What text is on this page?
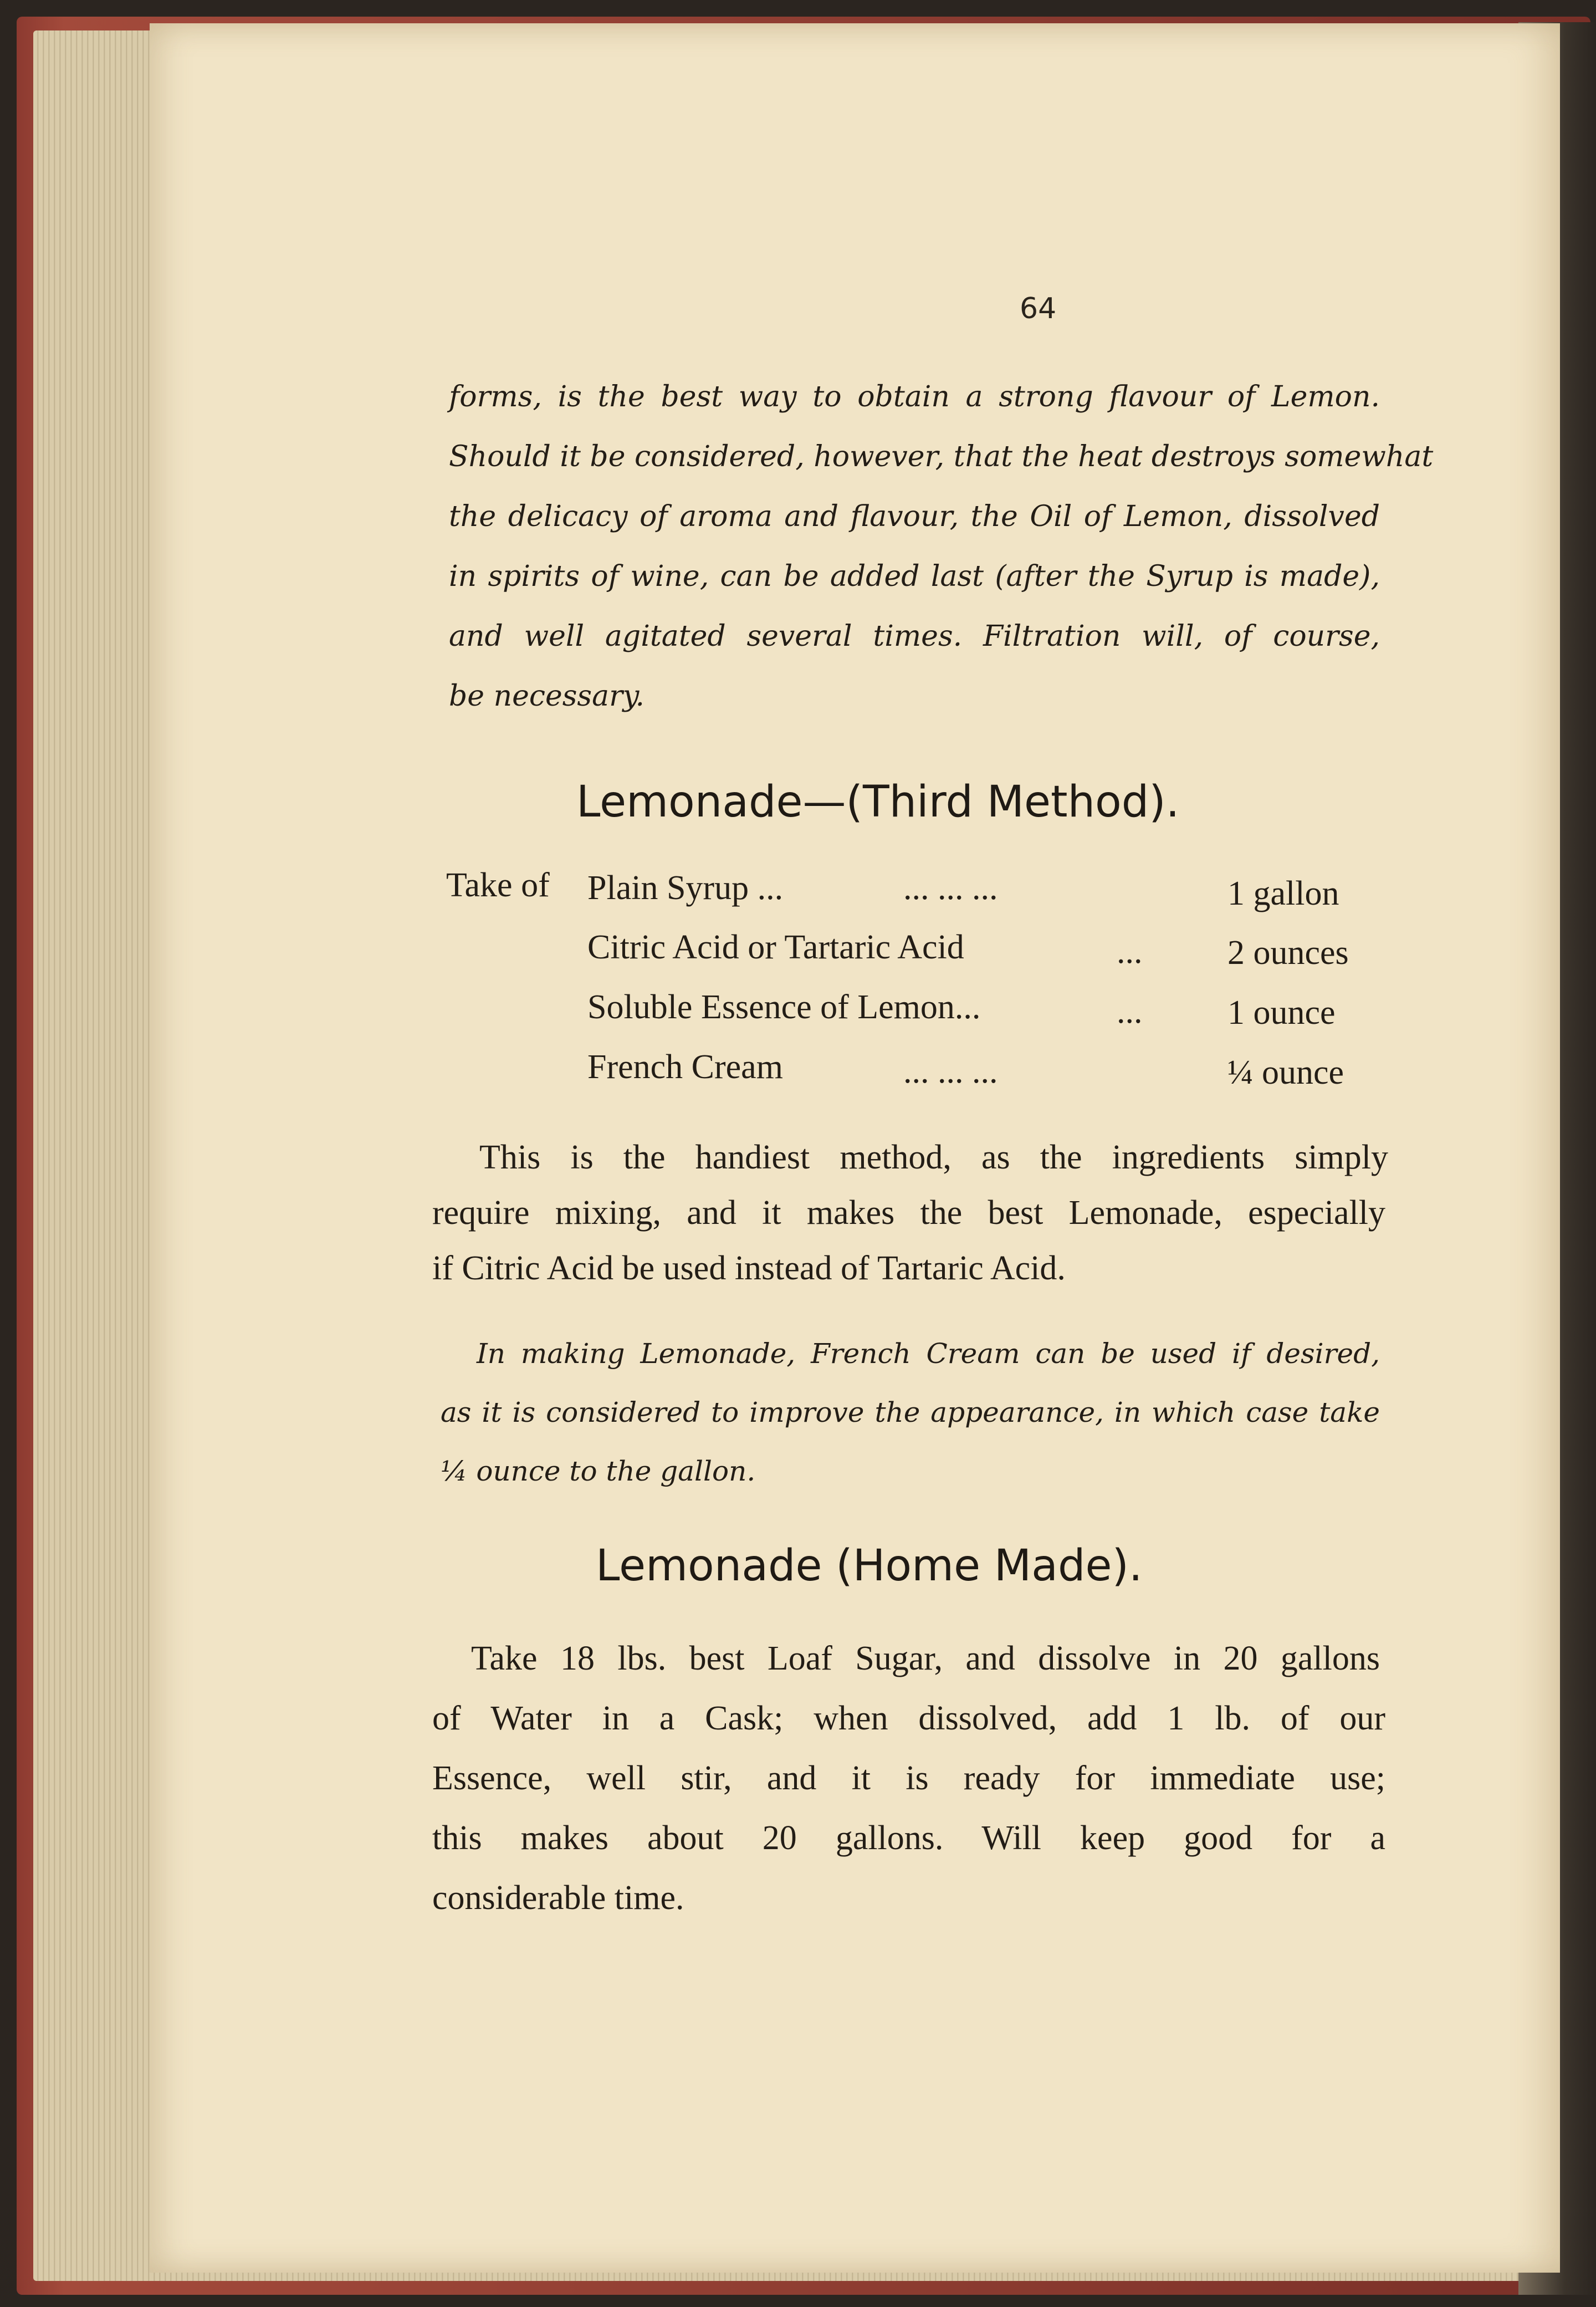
64
forms, is the best way to obtain a strong flavour of Lemon.
Should it be considered, however, that the heat destroys somewhat
the delicacy of aroma and flavour, the Oil of Lemon, dissolved
in spirits of wine, can be added last (after the Syrup is made),
and well agitated several times. Filtration will, of course,
be necessary.
Lemonade—(Third Method).
Take of Plain Syrup ...	... ... ...	1 gallon
Citric Acid or Tartaric Acid	... 2 ounces
Soluble Essence of Lemon...	... 1 ounce
French Cream	... ... ...	¼ ounce
This is the handiest method, as the ingredients simply
require mixing, and it makes the best Lemonade, especially
if Citric Acid be used instead of Tartaric Acid.
In making Lemonade, French Cream can be used if desired,
as it is considered to improve the appearance, in which case take
¼ ounce to the gallon.
Lemonade (Home Made).
Take 18 lbs. best Loaf Sugar, and dissolve in 20 gallons
of Water in a Cask; when dissolved, add 1 lb. of our
Essence, well stir, and it is ready for immediate use;
this makes about 20 gallons. Will keep good for a
considerable time.
